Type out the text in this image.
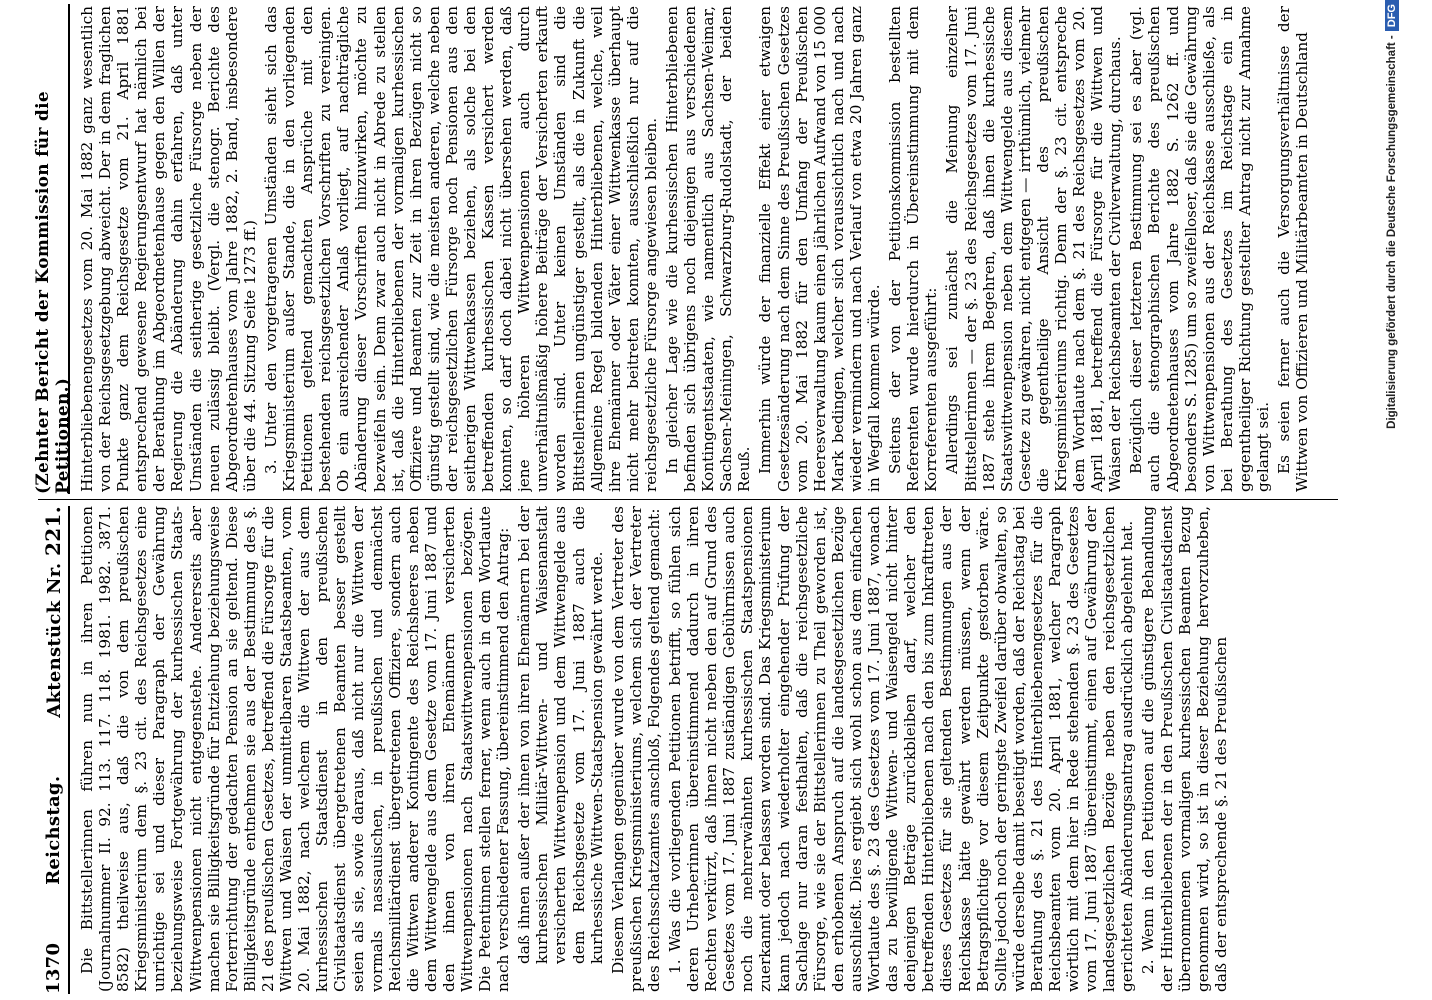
1370
Reichstag.
Aktenstück Nr. 221.
(Zehnter Bericht der Kommission für die Petitionen.)

Die Bittstellerinnen führen nun in ihren Petitionen (Journalnummer II. 92. 113. 117. 118. 1981. 1982. 3871. 8582) theilweise aus, daß die von dem preußischen Kriegsministerium dem §. 23 cit. des Reichsgesetzes eine unrichtige sei und dieser Paragraph der Gewährung beziehungsweise Fortgewährung der kurhessischen Staats-Wittwenpensionen nicht entgegenstehe. Andererseits aber machen sie Billigkeitsgründe für Entziehung beziehungsweise Forterrichtung der gedachten Pension an sie geltend. Diese Billigkeitsgründe entnehmen sie aus der Bestimmung des §. 21 des preußischen Gesetzes, betreffend die Fürsorge für die Wittwen und Waisen der unmittelbaren Staatsbeamten, vom 20. Mai 1882, nach welchem die Wittwen der aus dem kurhessischen Staatsdienst in den preußischen Civilstaatsdienst übergetretenen Beamten besser gestellt seien als sie, sowie daraus, daß nicht nur die Wittwen der vormals nassauischen, in preußischen und demnächst Reichsmilitärdienst übergetretenen Offiziere, sondern auch die Wittwen anderer Kontingente des Reichsheeres neben dem Wittwengelde aus dem Gesetze vom 17. Juni 1887 und den ihnen von ihren Ehemännern versicherten Wittwenpensionen nach Staatswittwenpensionen bezögen. Die Petentinnen stellen ferner, wenn auch in dem Wortlaute nach verschiedener Fassung, übereinstimmend den Antrag: daß ihnen außer der ihnen von ihren Ehemännern bei der kurhessischen Militär-Wittwen- und Waisenanstalt versicherten Wittwenpension und dem Wittwengelde aus dem Reichsgesetze vom 17. Juni 1887 auch die kurhessische Wittwen-Staatspension gewährt werde. Diesem Verlangen gegenüber wurde von dem Vertreter des preußischen Kriegsministeriums, welchem sich der Vertreter des Reichsschatzamtes anschloß, Folgendes geltend gemacht: 1. Was die vorliegenden Petitionen betrifft, so fühlen sich deren Urheberinnen übereinstimmend dadurch in ihren Rechten verkürzt, daß ihnen nicht neben den auf Grund des Gesetzes vom 17. Juni 1887 zuständigen Gebührnissen auch noch die mehrerwähnten kurhessischen Staatspensionen zuerkannt oder belassen worden sind. Das Kriegsministerium kann jedoch nach wiederholter eingehender Prüfung der Sachlage nur daran festhalten, daß die reichsgesetzliche Fürsorge, wie sie der Bittstellerinnen zu Theil geworden ist, den erhobenen Anspruch auf die landesgesetzlichen Bezüge ausschließt. Dies ergiebt sich wohl schon aus dem einfachen Wortlaute des §. 23 des Gesetzes vom 17. Juni 1887, wonach das zu bewilligende Wittwen- und Waisengeld nicht hinter denjenigen Beträge zurückbleiben darf, welcher den betreffenden Hinterbliebenen nach den bis zum Inkrafttreten dieses Gesetzes für sie geltenden Bestimmungen aus der Reichskasse hätte gewährt werden müssen, wenn der Betragspflichtige vor diesem Zeitpunkte gestorben wäre. Sollte jedoch noch der geringste Zweifel darüber obwalten, so würde derselbe damit beseitigt worden, daß der Reichstag bei Berathung des §. 21 des Hinterbliebenengesetzes für die Reichsbeamten vom 20. April 1881, welcher Paragraph wörtlich mit dem hier in Rede stehenden §. 23 des Gesetzes vom 17. Juni 1887 übereinstimmt, einen auf Gewährung der landesgesetzlichen Bezüge neben den reichsgesetzlichen gerichteten Abänderungsantrag ausdrücklich abgelehnt hat. 2. Wenn in den Petitionen auf die günstigere Behandlung der Hinterbliebenen der in den Preußischen Civilstaatsdienst übernommenen vormaligen kurhessischen Beamten Bezug genommen wird, so ist in dieser Beziehung hervorzuheben, daß der entsprechende §. 21 des Preußischen

Hinterbliebenengesetzes vom 20. Mai 1882 ganz wesentlich von der Reichsgesetzgebung abweicht. Der in dem fraglichen Punkte ganz dem Reichsgesetze vom 21. April 1881 entsprechend gewesene Regierungsentwurf hat nämlich bei der Berathung im Abgeordnetenhause gegen den Willen der Regierung die Abänderung dahin erfahren, daß unter Umständen die seitherige gesetzliche Fürsorge neben der neuen zulässig bleibt. (Vergl. die stenogr. Berichte des Abgeordnetenhauses vom Jahre 1882, 2. Band, insbesondere über die 44. Sitzung Seite 1273 ff.) 3. Unter den vorgetragenen Umständen sieht sich das Kriegsministerium außer Stande, die in den vorliegenden Petitionen geltend gemachten Ansprüche mit den bestehenden reichsgesetzlichen Vorschriften zu vereinigen. Ob ein ausreichender Anlaß vorliegt, auf nachträgliche Abänderung dieser Vorschriften hinzuwirken, möchte zu bezweifeln sein. Denn zwar auch nicht in Abrede zu stellen ist, daß die Hinterbliebenen der vormaligen kurhessischen Offiziere und Beamten zur Zeit in ihren Bezügen nicht so günstig gestellt sind, wie die meisten anderen, welche neben der reichsgesetzlichen Fürsorge noch Pensionen aus den seitherigen Wittwenkassen beziehen, als solche bei den betreffenden kurhessischen Kassen versichert werden konnten, so darf doch dabei nicht übersehen werden, daß jene höheren Wittwenpensionen auch durch unverhältnißmäßig höhere Beiträge der Versicherten erkauft worden sind. Unter keinen Umständen sind die Bittstellerinnen ungünstiger gestellt, als die in Zukunft die Allgemeine Regel bildenden Hinterbliebenen, welche, weil ihre Ehemänner oder Väter einer Wittwenkasse überhaupt nicht mehr beitreten konnten, ausschließlich nur auf die reichsgesetzliche Fürsorge angewiesen bleiben. In gleicher Lage wie die kurhessischen Hinterbliebenen befinden sich übrigens noch diejenigen aus verschiedenen Kontingentsstaaten, wie namentlich aus Sachsen-Weimar, Sachsen-Meiningen, Schwarzburg-Rudolstadt, der beiden Reuß. Immerhin würde der finanzielle Effekt einer etwaigen Gesetzesänderung nach dem Sinne des Preußischen Gesetzes vom 20. Mai 1882 für den Umfang der Preußischen Heeresverwaltung kaum einen jährlichen Aufwand von 15 000 Mark bedingen, welcher sich voraussichtlich nach und nach wieder vermindern und nach Verlauf von etwa 20 Jahren ganz in Wegfall kommen würde. Seitens der von der Petitionskommission bestellten Referenten wurde hierdurch in Übereinstimmung mit dem Korreferenten ausgeführt: Allerdings sei zunächst die Meinung einzelner Bittstellerinnen — der §. 23 des Reichsgesetzes vom 17. Juni 1887 stehe ihrem Begehren, daß ihnen die kurhessische Staatswittwenpension neben dem Wittwengelde aus diesem Gesetze zu gewähren, nicht entgegen — irrthümlich, vielmehr die gegentheilige Ansicht des preußischen Kriegsministeriums richtig. Denn der §. 23 cit. entspreche dem Wortlaute nach dem §. 21 des Reichsgesetzes vom 20. April 1881, betreffend die Fürsorge für die Wittwen und Waisen der Reichsbeamten der Civilverwaltung, durchaus. Bezüglich dieser letzteren Bestimmung sei es aber (vgl. auch die stenographischen Berichte des preußischen Abgeordnetenhauses vom Jahre 1882 S. 1262 ff. und besonders S. 1285) um so zweifelloser, daß sie die Gewährung von Wittwenpensionen aus der Reichskasse ausschließe, als bei Berathung des Gesetzes im Reichstage ein in gegentheiliger Richtung gestellter Antrag nicht zur Annahme gelangt sei. Es seien ferner auch die Versorgungsverhältnisse der Wittwen von Offizieren und Militärbeamten in Deutschland	Digitalisierung gefördert durch die Deutsche Forschungsgemeinschaft -
DFG
